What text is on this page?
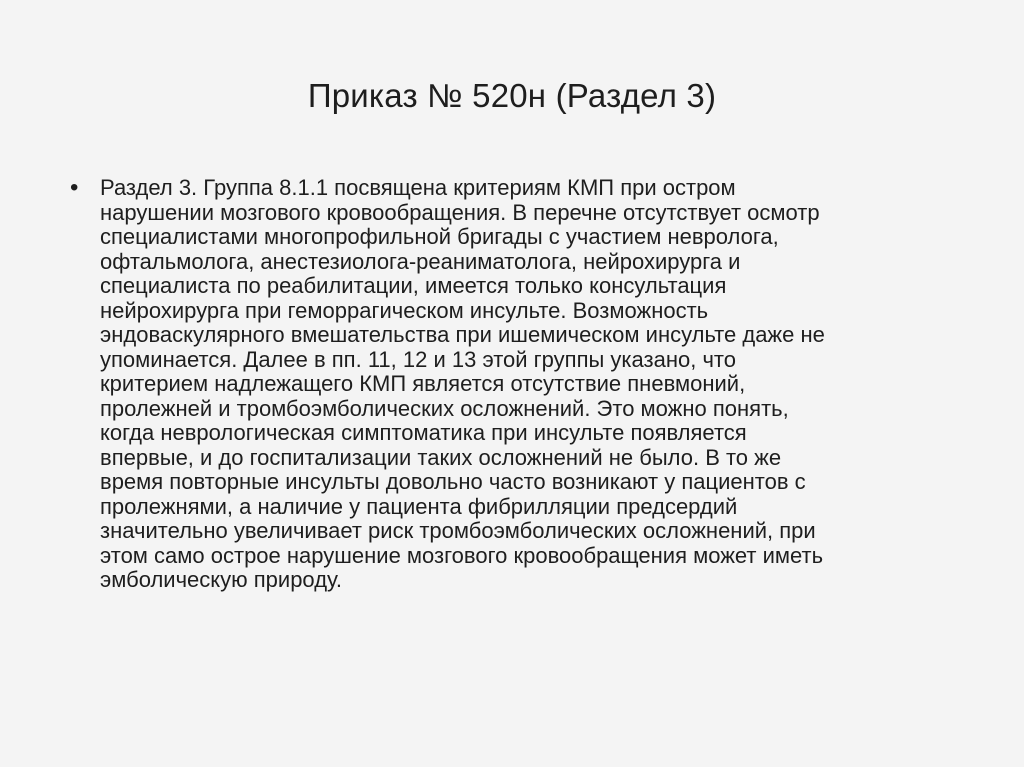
Приказ № 520н (Раздел 3)
• Раздел 3. Группа 8.1.1 посвящена критериям КМП при остром
нарушении мозгового кровообращения. В перечне отсутствует осмотр
специалистами многопрофильной бригады с участием невролога,
офтальмолога, анестезиолога-реаниматолога, нейрохирурга и
специалиста по реабилитации, имеется только консультация
нейрохирурга при геморрагическом инсульте. Возможность
эндоваскулярного вмешательства при ишемическом инсульте даже не
упоминается. Далее в пп. 11, 12 и 13 этой группы указано, что
критерием надлежащего КМП является отсутствие пневмоний,
пролежней и тромбоэмболических осложнений. Это можно понять,
когда неврологическая симптоматика при инсульте появляется
впервые, и до госпитализации таких осложнений не было. В то же
время повторные инсульты довольно часто возникают у пациентов с
пролежнями, а наличие у пациента фибрилляции предсердий
значительно увеличивает риск тромбоэмболических осложнений, при
этом само острое нарушение мозгового кровообращения может иметь
эмболическую природу.
